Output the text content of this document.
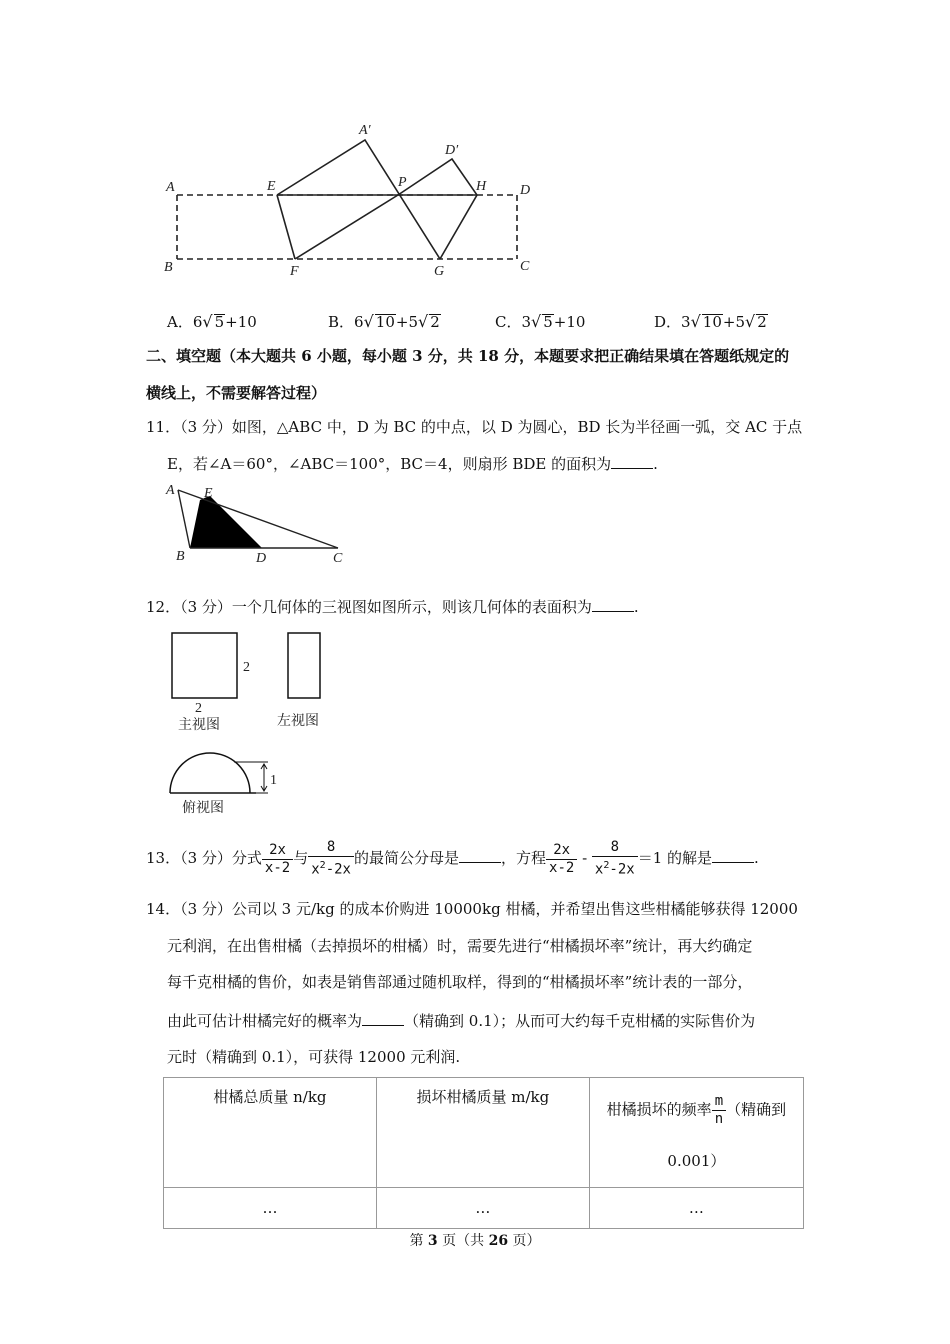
A′
D′
A	E	P	H D
B	F	G	C
A．6√ 5+10	B．6√ 10+5√ 2	C．3√ 5+10	D．3√ 10+5√ 2
二、填空题（本大题共 6 小题，每小题 3 分，共 18 分，本题要求把正确结果填在答题纸规定的
横线上，不需要解答过程）
11．（3 分）如图，△ABC 中，D 为 BC 的中点，以 D 为圆心，BD 长为半径画一弧，交 AC 于点
E，若∠A＝60°，∠ABC＝100°，BC＝4，则扇形 BDE 的面积为	.
A E
B	D	C
12．（3 分）一个几何体的三视图如图所示，则该几何体的表面积为	.
2
2
主视图	左视图
1
俯视图
13．（3 分）分式 $\frac{2x}{x-2}$ 与 $\frac{8}{x^2-2x}$ 的最简公分母是	，方程 $\frac{2x}{x-2} - \frac{8}{x^2-2x} =1$ 的解是	.
14．（3 分）公司以 3 元/kg 的成本价购进 10000kg 柑橘，并希望出售这些柑橘能够获得 12000
元利润，在出售柑橘（去掉损坏的柑橘）时，需要先进行“柑橘损坏率”统计，再大约确定
每千克柑橘的售价，如表是销售部通过随机取样，得到的“柑橘损坏率”统计表的一部分，
由此可估计柑橘完好的概率为	（精确到 0.1）；从而可大约每千克柑橘的实际售价为
元时（精确到 0.1），可获得 12000 元利润.
柑橘总质量 n/kg	损坏柑橘质量 m/kg	柑橘损坏的频率 $\frac{m}{n}$ （精确到

0.001）
…	…	…
第 3 页（共 26 页）
